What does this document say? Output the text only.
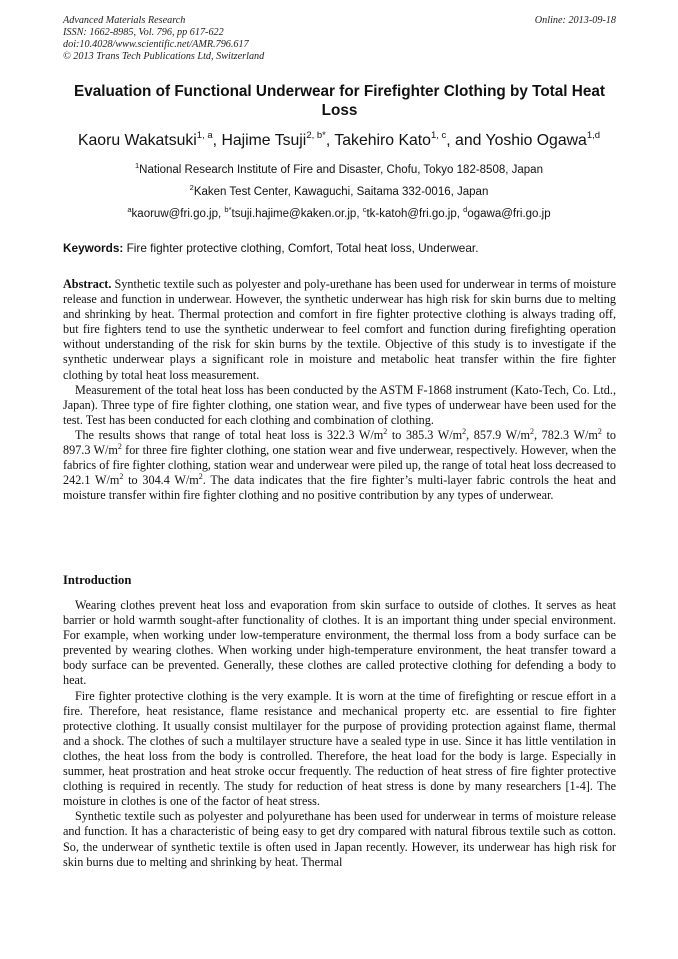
Advanced Materials Research
ISSN: 1662-8985, Vol. 796, pp 617-622
doi:10.4028/www.scientific.net/AMR.796.617
© 2013 Trans Tech Publications Ltd, Switzerland
Online: 2013-09-18
Evaluation of Functional Underwear for Firefighter Clothing by Total Heat Loss
Kaoru Wakatsuki$^{1, a}$, Hajime Tsuji$^{2, b*}$, Takehiro Kato$^{1, c}$, and Yoshio Ogawa$^{1,d}$
$^1$National Research Institute of Fire and Disaster, Chofu, Tokyo 182-8508, Japan
$^2$Kaken Test Center, Kawaguchi, Saitama 332-0016, Japan
$^a$kaoruw@fri.go.jp, $^{b*}$tsuji.hajime@kaken.or.jp, $^c$tk-katoh@fri.go.jp, $^d$ogawa@fri.go.jp
Keywords: Fire fighter protective clothing, Comfort, Total heat loss, Underwear.

Abstract. Synthetic textile such as polyester and poly-urethane has been used for underwear in terms of moisture release and function in underwear. However, the synthetic underwear has high risk for skin burns due to melting and shrinking by heat. Thermal protection and comfort in fire fighter protective clothing is always trading off, but fire fighters tend to use the synthetic underwear to feel comfort and function during firefighting operation without understanding of the risk for skin burns by the textile. Objective of this study is to investigate if the synthetic underwear plays a significant role in moisture and metabolic heat transfer within the fire fighter clothing by total heat loss measurement.

Measurement of the total heat loss has been conducted by the ASTM F-1868 instrument (Kato-Tech, Co. Ltd., Japan). Three type of fire fighter clothing, one station wear, and five types of underwear have been used for the test. Test has been conducted for each clothing and combination of clothing.

The results shows that range of total heat loss is 322.3 $W/m^2$ to 385.3 $W/m^2$, 857.9 $W/m^2$, 782.3 $W/m^2$ to 897.3 $W/m^2$ for three fire fighter clothing, one station wear and five underwear, respectively. However, when the fabrics of fire fighter clothing, station wear and underwear were piled up, the range of total heat loss decreased to 242.1 $W/m^2$ to 304.4 $W/m^2$. The data indicates that the fire fighter’s multi-layer fabric controls the heat and moisture transfer within fire fighter clothing and no positive contribution by any types of underwear.

Introduction

Wearing clothes prevent heat loss and evaporation from skin surface to outside of clothes. It serves as heat barrier or hold warmth sought-after functionality of clothes. It is an important thing under special environment. For example, when working under low-temperature environment, the thermal loss from a body surface can be prevented by wearing clothes. When working under high-temperature environment, the heat transfer toward a body surface can be prevented. Generally, these clothes are called protective clothing for defending a body to heat.

Fire fighter protective clothing is the very example. It is worn at the time of firefighting or rescue effort in a fire. Therefore, heat resistance, flame resistance and mechanical property etc. are essential to fire fighter protective clothing. It usually consist multilayer for the purpose of providing protection against flame, thermal and a shock. The clothes of such a multilayer structure have a sealed type in use. Since it has little ventilation in clothes, the heat loss from the body is controlled. Therefore, the heat load for the body is large. Especially in summer, heat prostration and heat stroke occur frequently. The reduction of heat stress of fire fighter protective clothing is required in recently. The study for reduction of heat stress is done by many researchers [1-4]. The moisture in clothes is one of the factor of heat stress.

Synthetic textile such as polyester and polyurethane has been used for underwear in terms of moisture release and function. It has a characteristic of being easy to get dry compared with natural fibrous textile such as cotton. So, the underwear of synthetic textile is often used in Japan recently. However, its underwear has high risk for skin burns due to melting and shrinking by heat. Thermal
